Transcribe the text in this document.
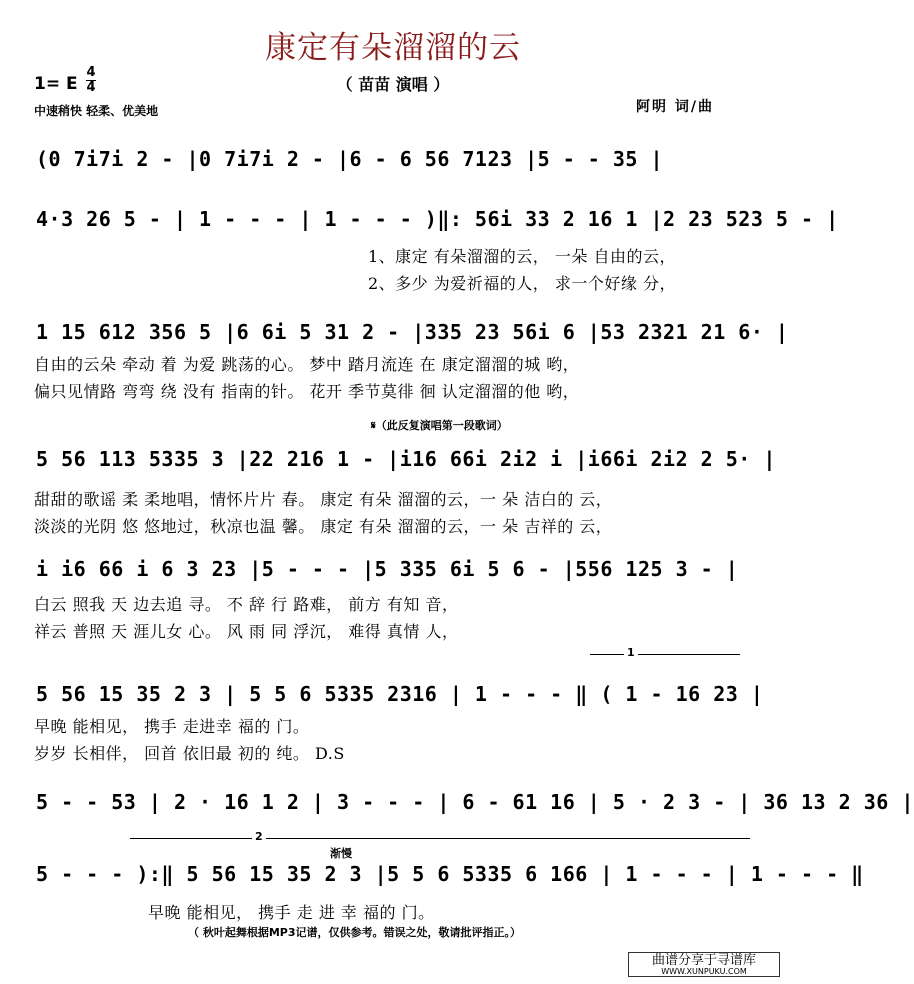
康定有朵溜溜的云
（ 苗苗 演唱 ）
1= E
4
4
中速稍快 轻柔、优美地	阿明 词/曲
(0 7i7i 2 - |0 7i7i 2 - |6 - 6 56 7123 |5 - - 35 |
4·3 26 5 - | 1 - - - | 1 - - - )‖: 56i 33 2 16 1 |2 23 523 5 - |
1、康定 有朵溜溜的云， 一朵 自由的云，
2、多少 为爱祈福的人， 求一个好缘 分，
1 15 612 356 5 |6 6i 5 31 2 - |335 23 56i 6 |53 2321 21 6· |
自由的云朵 牵动 着 为爱 跳荡的心。 梦中 踏月流连 在 康定溜溜的城 哟，
偏只见情路 弯弯 绕 没有 指南的针。 花开 季节莫徘 徊 认定溜溜的他 哟，
𝄋（此反复演唱第一段歌词）
5 56 113 5335 3 |22 216 1 - |i16 66i 2i2 i |i66i 2i2 2 5· |
甜甜的歌谣 柔 柔地唱，情怀片片 春。 康定 有朵 溜溜的云，一 朵 洁白的 云，
淡淡的光阴 悠 悠地过，秋凉也温 馨。 康定 有朵 溜溜的云，一 朵 吉祥的 云，
i i6 66 i 6 3 23 |5 - - - |5 335 6i 5 6 - |556 125 3 - |
白云 照我 天 边去追 寻。 不 辞 行 路难， 前方 有知 音，
祥云 普照 天 涯儿女 心。 风 雨 同 浮沉， 难得 真情 人，
1
5 56 15 35 2 3 | 5 5 6 5335 2316 | 1 - - - ‖ ( 1 - 16 23 |
早晚 能相见， 携手 走进幸 福的 门。
岁岁 长相伴， 回首 依旧最 初的 纯。 D.S
5 - - 53 | 2 · 16 1 2 | 3 - - - | 6 - 61 16 | 5 · 2 3 - | 36 13 2 36 |
2
渐慢
5 - - - ):‖ 5 56 15 35 2 3 |5 5 6 5335 6 166 | 1 - - - | 1 - - - ‖
早晚 能相见， 携手 走 进 幸 福的 门。
（ 秋叶起舞根据MP3记谱，仅供参考。错误之处，敬请批评指正。）
曲谱分享于寻谱库
WWW.XUNPUKU.COM
